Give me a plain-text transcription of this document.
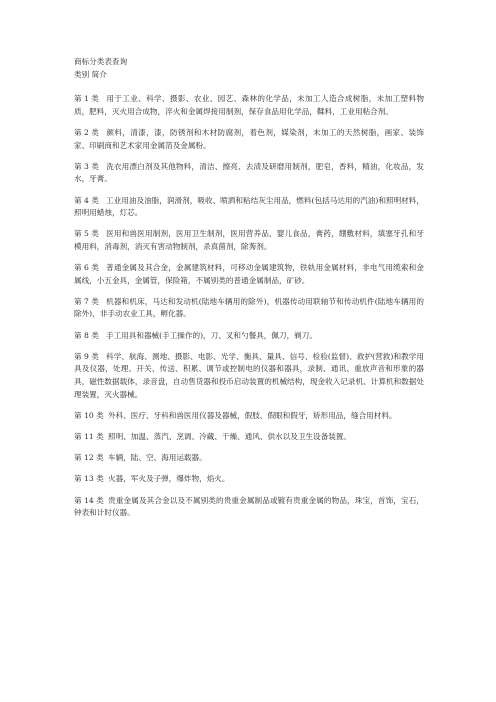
商标分类表查询

类别 简介

第 1 类 用于工业、科学、摄影、农业、园艺、森林的化学品，未加工人造合成树脂，未加工塑料物质，肥料，灭火用合成物，淬火和金属焊接用制剂，保存食品用化学品，鞣料，工业用粘合剂。

第 2 类 颜料，清漆，漆，防锈剂和木材防腐剂，着色剂，媒染剂，未加工的天然树脂，画家、装饰家、印刷商和艺术家用金属箔及金属粉。

第 3 类 洗衣用漂白剂及其他物料，清洁、擦亮、去渍及研磨用制剂，肥皂，香料，精油，化妆品，发水，牙膏。

第 4 类 工业用油及油脂，润滑剂，吸收、喷洒和粘结灰尘用品，燃料(包括马达用的汽油)和照明材料，照明用蜡烛，灯芯。

第 5 类 医用和兽医用制剂，医用卫生制剂，医用营养品，婴儿食品，膏药，绷敷材料，填塞牙孔和牙模用料，消毒剂，消灭有害动物制剂，杀真菌剂，除莠剂。

第 6 类 普通金属及其合金，金属建筑材料，可移动金属建筑物，铁轨用金属材料，非电气用缆索和金属线，小五金具，金属管，保险箱，不属别类的普通金属制品，矿砂。

第 7 类 机器和机床，马达和发动机(陆地车辆用的除外)，机器传动用联轴节和传动机件(陆地车辆用的除外)，非手动农业工具，孵化器。

第 8 类 手工用具和器械(手工操作的)，刀、叉和勺餐具，佩刀，剃刀。

第 9 类 科学、航海、测地、摄影、电影、光学、衡具、量具、信号、检验(监督)、救护(营救)和教学用具及仪器，处理、开关、传送、积累、调节或控制电的仪器和器具，录制、通讯、重放声音和形象的器具，磁性数据载体，录音盘，自动售货器和投币启动装置的机械结构，现金收入记录机、计算机和数据处理装置，灭火器械。

第 10 类 外科、医疗、牙科和兽医用仪器及器械，假肢、假眼和假牙，矫形用品，缝合用材料。

第 11 类 照明、加温、蒸汽、烹调、冷藏、干燥、通风、供水以及卫生设备装置。

第 12 类 车辆，陆、空、海用运载器。

第 13 类 火器，军火及子弹，爆炸物，焰火。

第 14 类 贵重金属及其合金以及不属别类的贵重金属制品或镀有贵重金属的物品，珠宝，首饰，宝石，钟表和计时仪器。
